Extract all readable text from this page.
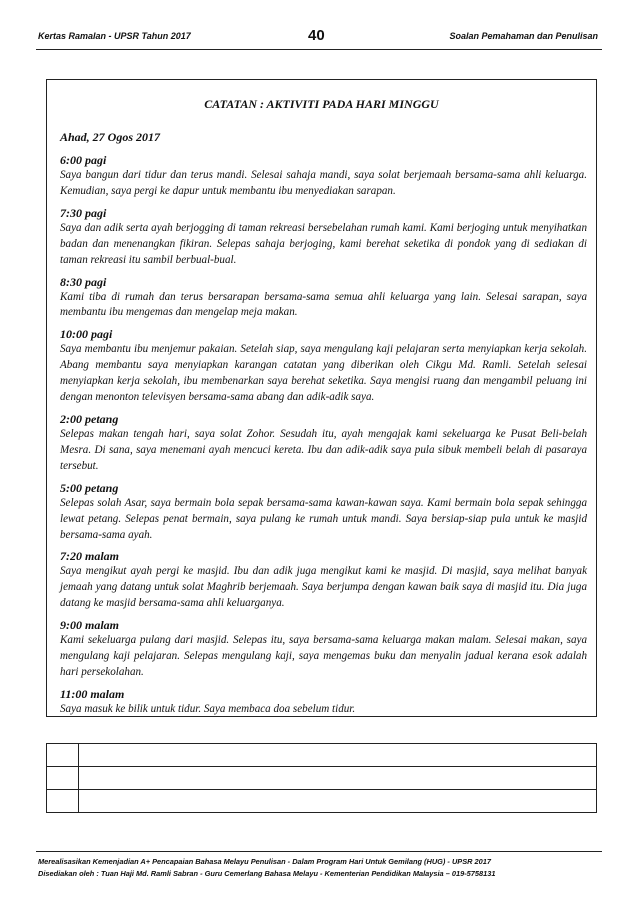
Kertas Ramalan - UPSR Tahun 2017	40	Soalan Pemahaman dan Penulisan
CATATAN : AKTIVITI PADA HARI MINGGU
Ahad, 27 Ogos 2017
6:00 pagi
Saya bangun dari tidur dan terus mandi. Selesai sahaja mandi, saya solat berjemaah bersama-sama ahli keluarga. Kemudian, saya pergi ke dapur untuk membantu ibu menyediakan sarapan.
7:30 pagi
Saya dan adik serta ayah berjogging di taman rekreasi bersebelahan rumah kami. Kami berjoging untuk menyihatkan badan dan menenangkan fikiran. Selepas sahaja berjoging, kami berehat seketika di pondok yang di sediakan di taman rekreasi itu sambil berbual-bual.
8:30 pagi
Kami tiba di rumah dan terus bersarapan bersama-sama semua ahli keluarga yang lain. Selesai sarapan, saya membantu ibu mengemas dan mengelap meja makan.
10:00 pagi
Saya membantu ibu menjemur pakaian. Setelah siap, saya mengulang kaji pelajaran serta menyiapkan kerja sekolah. Abang membantu saya menyiapkan karangan catatan yang diberikan oleh Cikgu Md. Ramli. Setelah selesai menyiapkan kerja sekolah, ibu membenarkan saya berehat seketika. Saya mengisi ruang dan mengambil peluang ini dengan menonton televisyen bersama-sama abang dan adik-adik saya.
2:00 petang
Selepas makan tengah hari, saya solat Zohor. Sesudah itu, ayah mengajak kami sekeluarga ke Pusat Beli-belah Mesra. Di sana, saya menemani ayah mencuci kereta. Ibu dan adik-adik saya pula sibuk membeli belah di pasaraya tersebut.
5:00 petang
Selepas solah Asar, saya bermain bola sepak bersama-sama kawan-kawan saya. Kami bermain bola sepak sehingga lewat petang. Selepas penat bermain, saya pulang ke rumah untuk mandi. Saya bersiap-siap pula untuk ke masjid bersama-sama ayah.
7:20 malam
Saya mengikut ayah pergi ke masjid. Ibu dan adik juga mengikut kami ke masjid. Di masjid, saya melihat banyak jemaah yang datang untuk solat Maghrib berjemaah. Saya berjumpa dengan kawan baik saya di masjid itu. Dia juga datang ke masjid bersama-sama ahli keluarganya.
9:00 malam
Kami sekeluarga pulang dari masjid. Selepas itu, saya bersama-sama keluarga makan malam. Selesai makan, saya mengulang kaji pelajaran. Selepas mengulang kaji, saya mengemas buku dan menyalin jadual kerana esok adalah hari persekolahan.
11:00 malam
Saya masuk ke bilik untuk tidur. Saya membaca doa sebelum tidur.

Merealisasikan Kemenjadian A+ Pencapaian Bahasa Melayu Penulisan - Dalam Program Hari Untuk Gemilang (HUG) - UPSR 2017
Disediakan oleh : Tuan Haji Md. Ramli Sabran - Guru Cemerlang Bahasa Melayu - Kementerian Pendidikan Malaysia – 019-5758131
